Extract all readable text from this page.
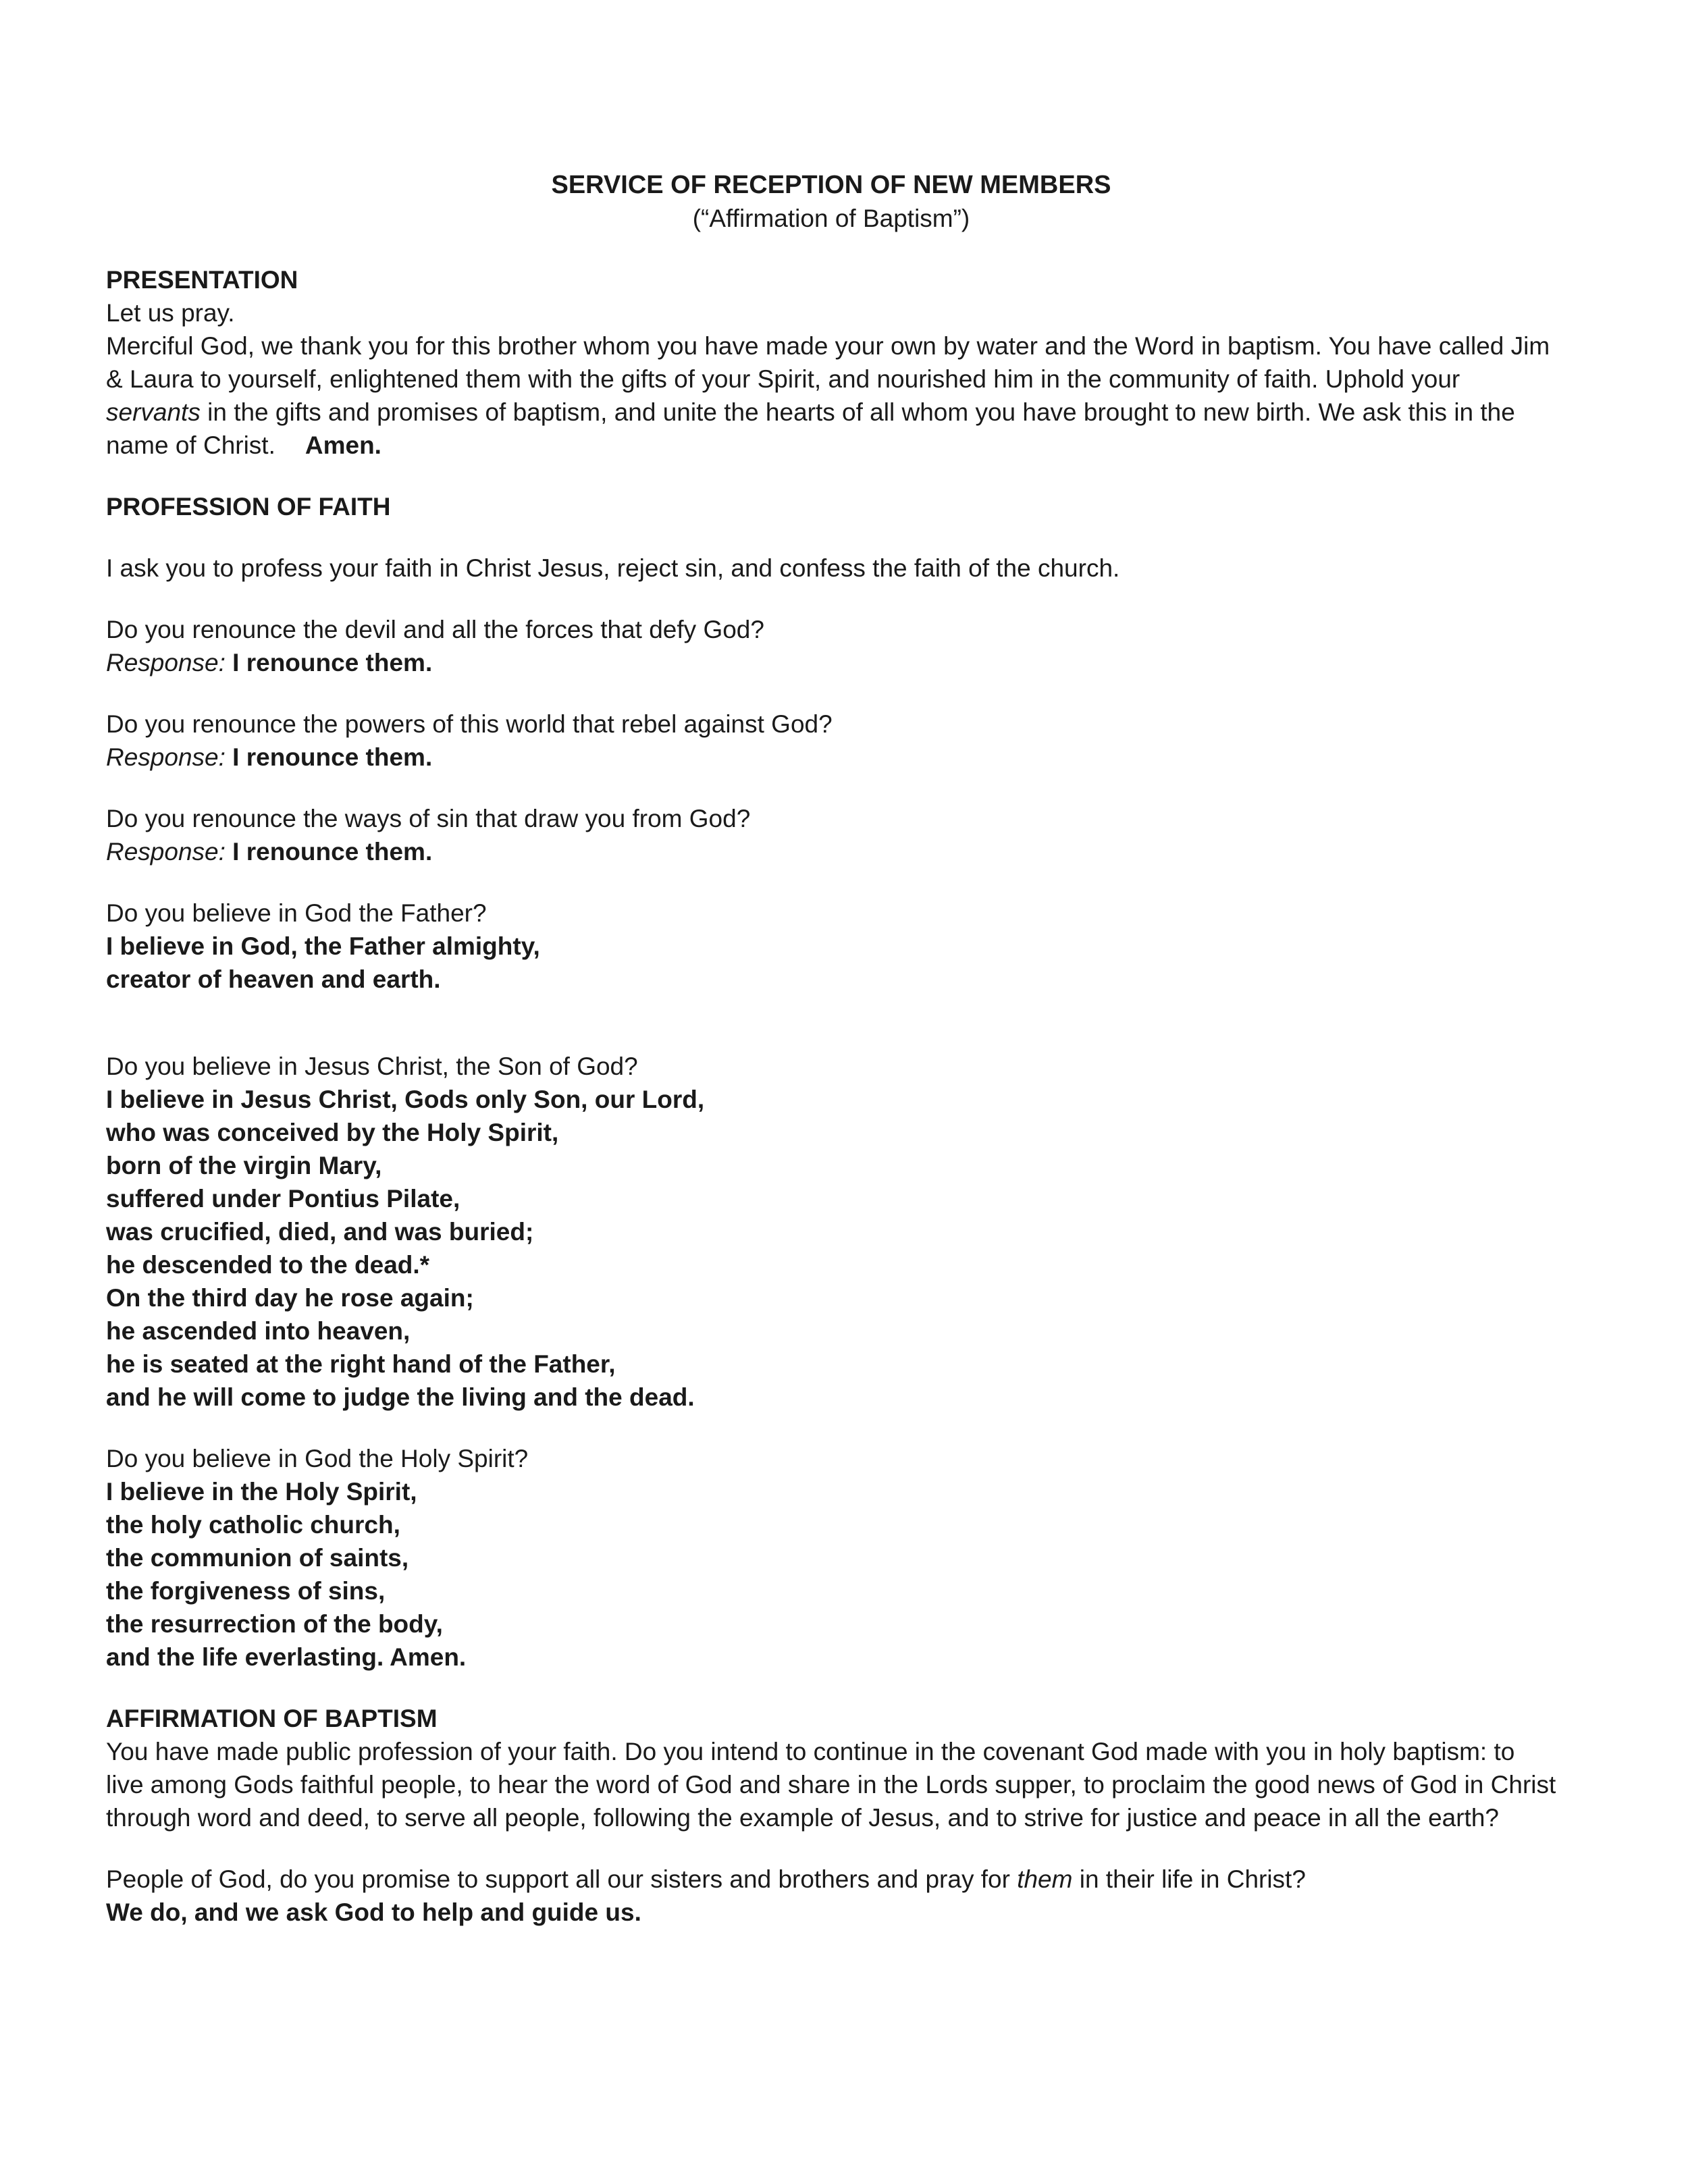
SERVICE OF RECEPTION OF NEW MEMBERS
(“Affirmation of Baptism”)
PRESENTATION

Let us pray.

Merciful God, we thank you for this brother whom you have made your own by water and the Word in baptism. You have called Jim & Laura to yourself, enlightened them with the gifts of your Spirit, and nourished him in the community of faith. Uphold your servants in the gifts and promises of baptism, and unite the hearts of all whom you have brought to new birth. We ask this in the name of Christ. Amen.

PROFESSION OF FAITH

I ask you to profess your faith in Christ Jesus, reject sin, and confess the faith of the church.

Do you renounce the devil and all the forces that defy God?
Response: I renounce them.
Do you renounce the powers of this world that rebel against God?
Response: I renounce them.
Do you renounce the ways of sin that draw you from God?
Response: I renounce them.
Do you believe in God the Father?
I believe in God, the Father almighty,
creator of heaven and earth.
Do you believe in Jesus Christ, the Son of God?
I believe in Jesus Christ, Gods only Son, our Lord,
who was conceived by the Holy Spirit,
born of the virgin Mary,
suffered under Pontius Pilate,
was crucified, died, and was buried;
he descended to the dead.*
On the third day he rose again;
he ascended into heaven,
he is seated at the right hand of the Father,
and he will come to judge the living and the dead.
Do you believe in God the Holy Spirit?
I believe in the Holy Spirit,
the holy catholic church,
the communion of saints,
the forgiveness of sins,
the resurrection of the body,
and the life everlasting. Amen.
AFFIRMATION OF BAPTISM

You have made public profession of your faith. Do you intend to continue in the covenant God made with you in holy baptism: to live among Gods faithful people, to hear the word of God and share in the Lords supper, to proclaim the good news of God in Christ through word and deed, to serve all people, following the example of Jesus, and to strive for justice and peace in all the earth?

People of God, do you promise to support all our sisters and brothers and pray for them in their life in Christ?

We do, and we ask God to help and guide us.
